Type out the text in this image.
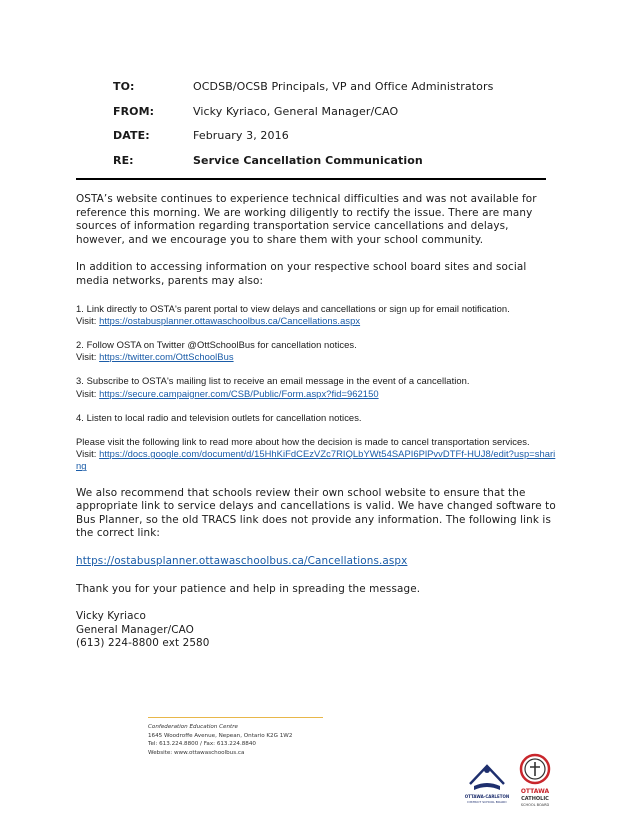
TO:	OCDSB/OCSB Principals, VP and Office Administrators
FROM:	Vicky Kyriaco, General Manager/CAO
DATE:	February 3, 2016
RE:	Service Cancellation Communication

OSTA’s website continues to experience technical difficulties and was not available for reference this morning. We are working diligently to rectify the issue. There are many sources of information regarding transportation service cancellations and delays, however, and we encourage you to share them with your school community.

In addition to accessing information on your respective school board sites and social media networks, parents may also:

1. Link directly to OSTA's parent portal to view delays and cancellations or sign up for email notification.

Visit: https://ostabusplanner.ottawaschoolbus.ca/Cancellations.aspx

2. Follow OSTA on Twitter @OttSchoolBus for cancellation notices.

Visit: https://twitter.com/OttSchoolBus

3. Subscribe to OSTA's mailing list to receive an email message in the event of a cancellation.

Visit: https://secure.campaigner.com/CSB/Public/Form.aspx?fid=962150

4. Listen to local radio and television outlets for cancellation notices.

Please visit the following link to read more about how the decision is made to cancel transportation services.

Visit: https://docs.google.com/document/d/15HhKiFdCEzVZc7RIQLbYWt54SAPI6PlPvvDTFf-HUJ8/edit?usp=sharing

We also recommend that schools review their own school website to ensure that the appropriate link to service delays and cancellations is valid. We have changed software to Bus Planner, so the old TRACS link does not provide any information. The following link is the correct link:

https://ostabusplanner.ottawaschoolbus.ca/Cancellations.aspx

Thank you for your patience and help in spreading the message.

Vicky Kyriaco

General Manager/CAO

(613) 224-8800 ext 2580

Confederation Education Centre
1645 Woodroffe Avenue, Nepean, Ontario K2G 1W2
Tel: 613.224.8800 / Fax: 613.224.8840
Website: www.ottawaschoolbus.ca
OTTAWA-CARLETON
DISTRICT SCHOOL BOARD
OTTAWA
CATHOLIC
SCHOOL BOARD
